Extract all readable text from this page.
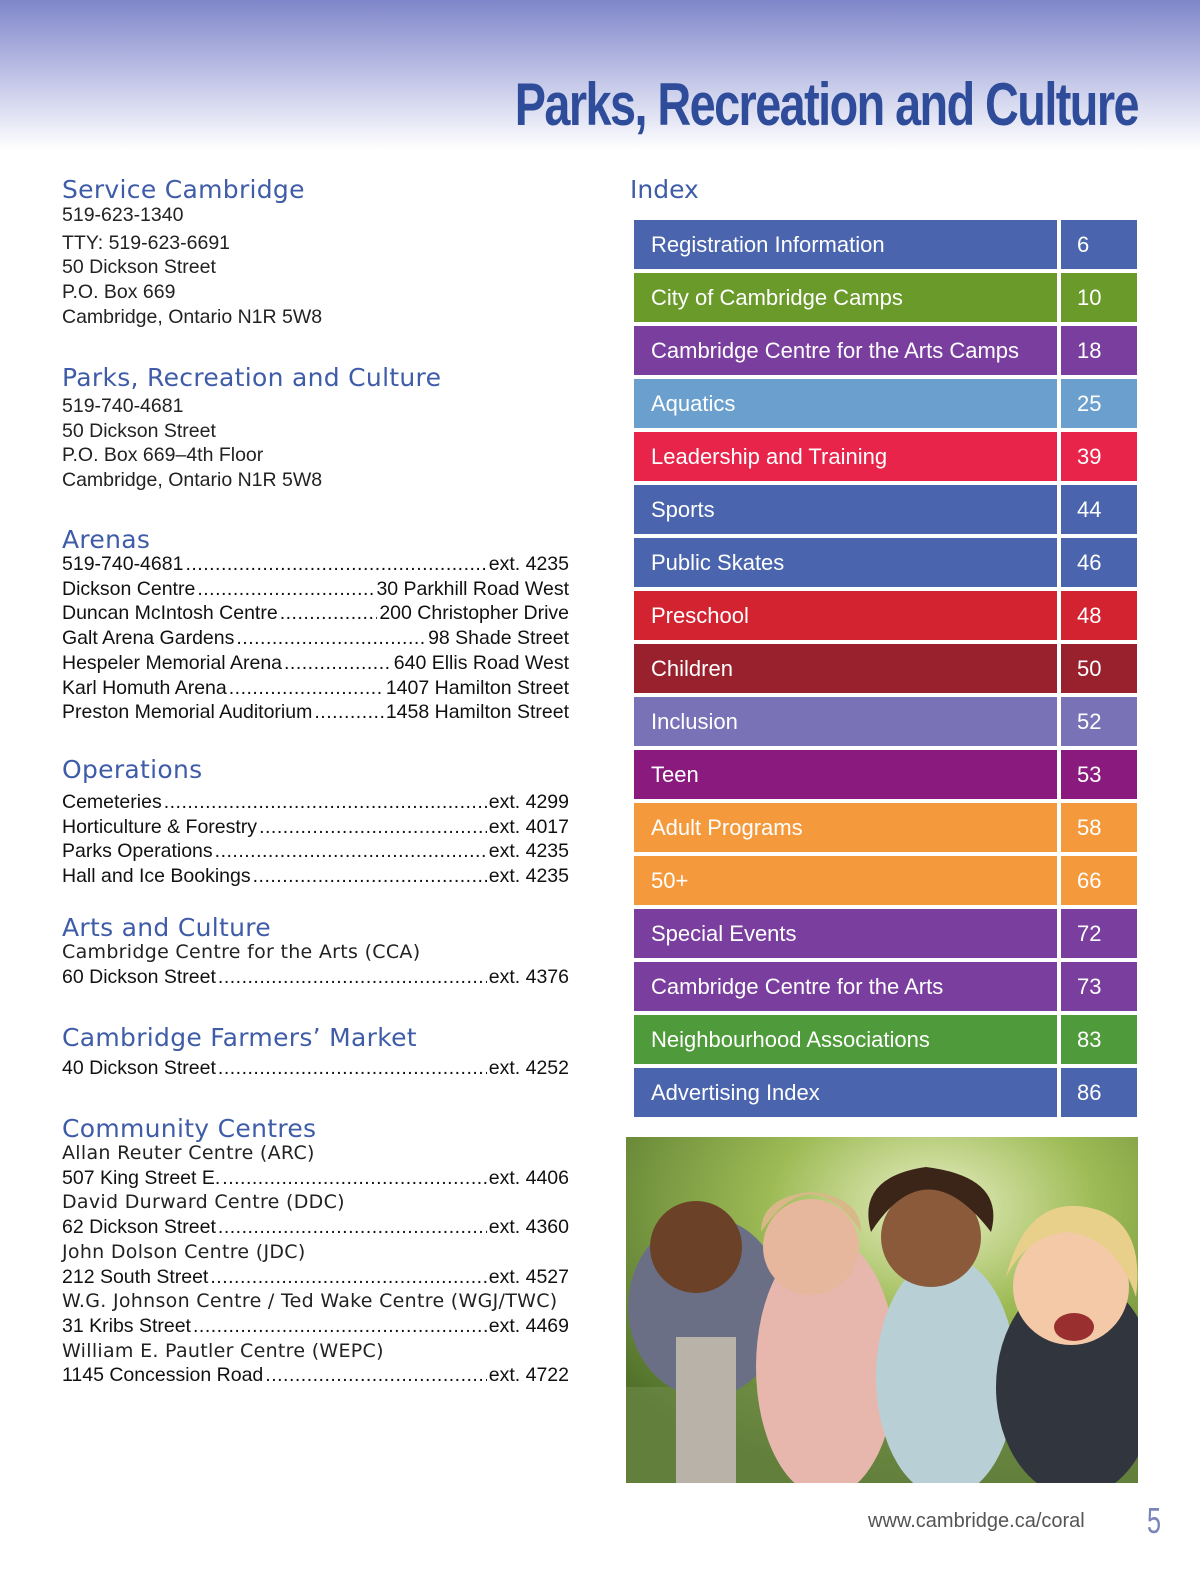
Parks, Recreation and Culture
Service Cambridge
519-623-1340
TTY: 519-623-6691
50 Dickson Street
P.O. Box 669
Cambridge, Ontario N1R 5W8
Parks, Recreation and Culture
519-740-4681
50 Dickson Street
P.O. Box 669–4th Floor
Cambridge, Ontario N1R 5W8
Arenas
519-740-4681 .....	ext. 4235
Dickson Centre .....	30 Parkhill Road West
Duncan McIntosh Centre .....	200 Christopher Drive
Galt Arena Gardens .....	98 Shade Street
Hespeler Memorial Arena .....	640 Ellis Road West
Karl Homuth Arena .....	1407 Hamilton Street
Preston Memorial Auditorium .....	1458 Hamilton Street
Operations
Cemeteries .....	ext. 4299
Horticulture & Forestry .....	ext. 4017
Parks Operations .....	ext. 4235
Hall and Ice Bookings .....	ext. 4235
Arts and Culture
Cambridge Centre for the Arts (CCA)
60 Dickson Street .....	ext. 4376
Cambridge Farmers’ Market
40 Dickson Street .....	ext. 4252
Community Centres
Allan Reuter Centre (ARC)
507 King Street E. .....	ext. 4406
David Durward Centre (DDC)
62 Dickson Street .....	ext. 4360
John Dolson Centre (JDC)
212 South Street .....	ext. 4527
W.G. Johnson Centre / Ted Wake Centre (WGJ/TWC)
31 Kribs Street .....	ext. 4469
William E. Pautler Centre (WEPC)
1145 Concession Road .....	ext. 4722
Index
Registration Information	6
City of Cambridge Camps	10
Cambridge Centre for the Arts Camps	18
Aquatics	25
Leadership and Training	39
Sports	44
Public Skates	46
Preschool	48
Children	50
Inclusion	52
Teen	53
Adult Programs	58
50+	66
Special Events	72
Cambridge Centre for the Arts	73
Neighbourhood Associations	83
Advertising Index	86
www.cambridge.ca/coral 5
